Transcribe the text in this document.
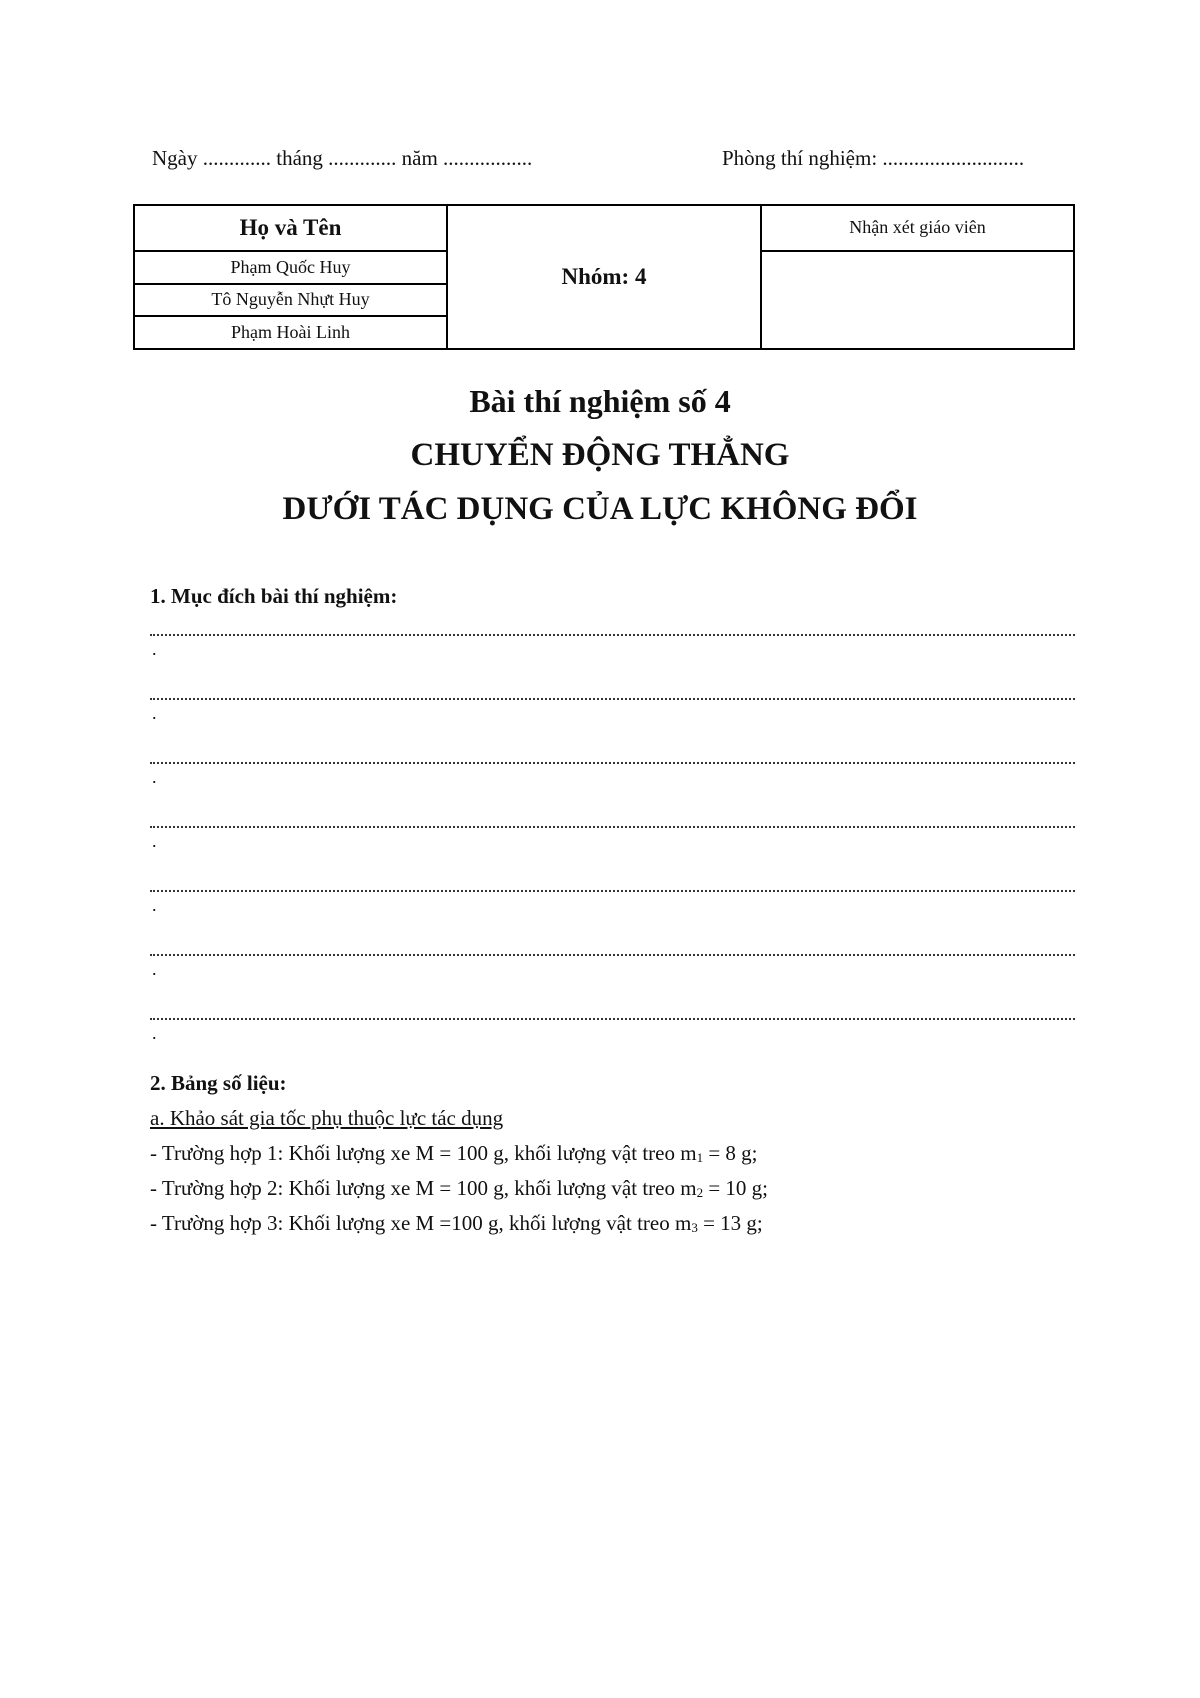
Ngày ............. tháng ............. năm .................	Phòng thí nghiệm: ...........................
Họ và Tên	Nhóm: 4	Nhận xét giáo viên
Phạm Quốc Huy		
Tô Nguyễn Nhựt Huy		
Phạm Hoài Linh		
Bài thí nghiệm số 4
CHUYỂN ĐỘNG THẲNG
DƯỚI TÁC DỤNG CỦA LỰC KHÔNG ĐỔI
1. Mục đích bài thí nghiệm:
.
.
.
.
.
.
.
2. Bảng số liệu:
a. Khảo sát gia tốc phụ thuộc lực tác dụng
- Trường hợp 1: Khối lượng xe M = 100 g, khối lượng vật treo $m_1 = 8$ g;
- Trường hợp 2: Khối lượng xe M = 100 g, khối lượng vật treo $m_2 = 10$ g;
- Trường hợp 3: Khối lượng xe M =100 g, khối lượng vật treo $m_3 = 13$ g;
